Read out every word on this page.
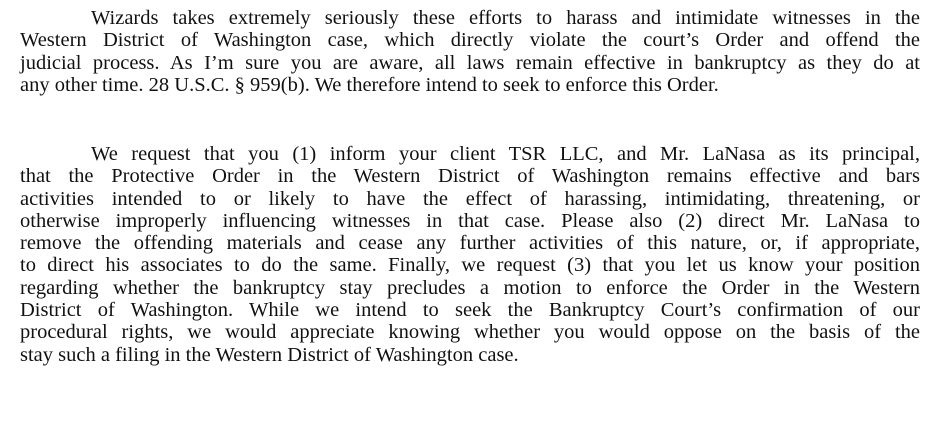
Wizards takes extremely seriously these efforts to harass and intimidate witnesses in the
Western District of Washington case, which directly violate the court’s Order and offend the
judicial process. As I’m sure you are aware, all laws remain effective in bankruptcy as they do at
any other time. 28 U.S.C. § 959(b). We therefore intend to seek to enforce this Order.

We request that you (1) inform your client TSR LLC, and Mr. LaNasa as its principal,
that the Protective Order in the Western District of Washington remains effective and bars
activities intended to or likely to have the effect of harassing, intimidating, threatening, or
otherwise improperly influencing witnesses in that case. Please also (2) direct Mr. LaNasa to
remove the offending materials and cease any further activities of this nature, or, if appropriate,
to direct his associates to do the same. Finally, we request (3) that you let us know your position
regarding whether the bankruptcy stay precludes a motion to enforce the Order in the Western
District of Washington. While we intend to seek the Bankruptcy Court’s confirmation of our
procedural rights, we would appreciate knowing whether you would oppose on the basis of the
stay such a filing in the Western District of Washington case.
